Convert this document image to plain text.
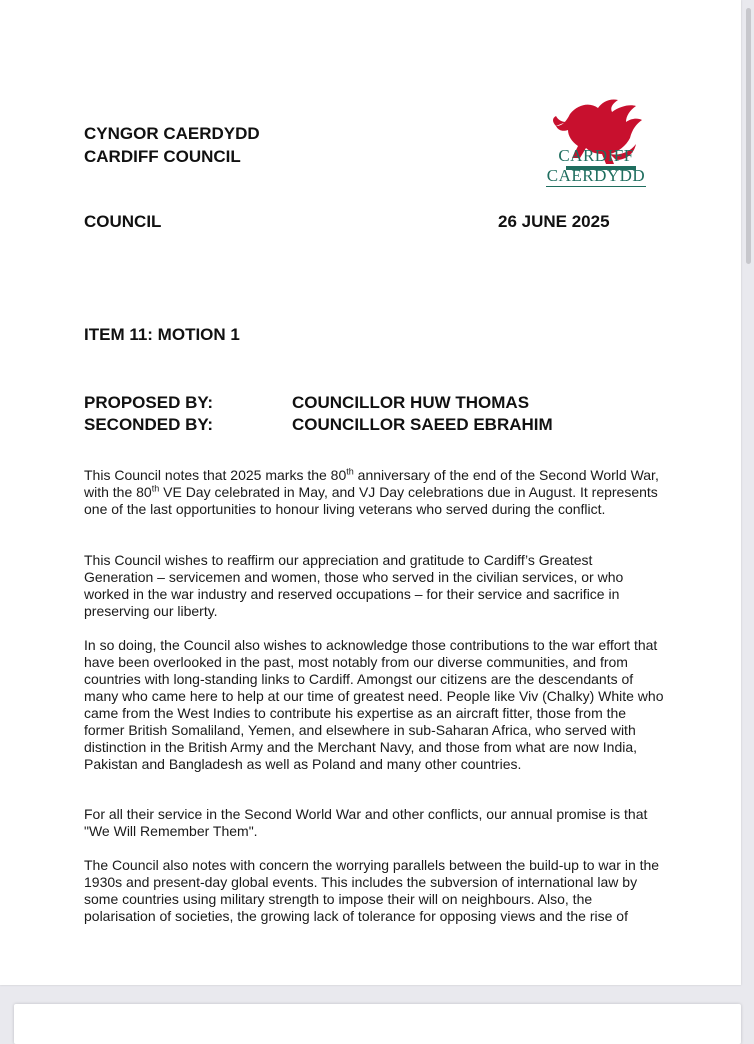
CYNGOR CAERDYDD
CARDIFF COUNCIL	CARDIFF
CAERDYDD
COUNCIL	26 JUNE 2025
ITEM 11: MOTION 1
PROPOSED BY:	COUNCILLOR HUW THOMAS
SECONDED BY:	COUNCILLOR SAEED EBRAHIM

This Council notes that 2025 marks the 80th anniversary of the end of the Second World War, with the 80th VE Day celebrated in May, and VJ Day celebrations due in August. It represents one of the last opportunities to honour living veterans who served during the conflict.

This Council wishes to reaffirm our appreciation and gratitude to Cardiff’s Greatest Generation – servicemen and women, those who served in the civilian services, or who worked in the war industry and reserved occupations – for their service and sacrifice in preserving our liberty.

In so doing, the Council also wishes to acknowledge those contributions to the war effort that have been overlooked in the past, most notably from our diverse communities, and from countries with long-standing links to Cardiff. Amongst our citizens are the descendants of many who came here to help at our time of greatest need. People like Viv (Chalky) White who came from the West Indies to contribute his expertise as an aircraft fitter, those from the former British Somaliland, Yemen, and elsewhere in sub-Saharan Africa, who served with distinction in the British Army and the Merchant Navy, and those from what are now India, Pakistan and Bangladesh as well as Poland and many other countries.

For all their service in the Second World War and other conflicts, our annual promise is that "We Will Remember Them".

The Council also notes with concern the worrying parallels between the build-up to war in the 1930s and present-day global events. This includes the subversion of international law by some countries using military strength to impose their will on neighbours. Also, the polarisation of societies, the growing lack of tolerance for opposing views and the rise of
